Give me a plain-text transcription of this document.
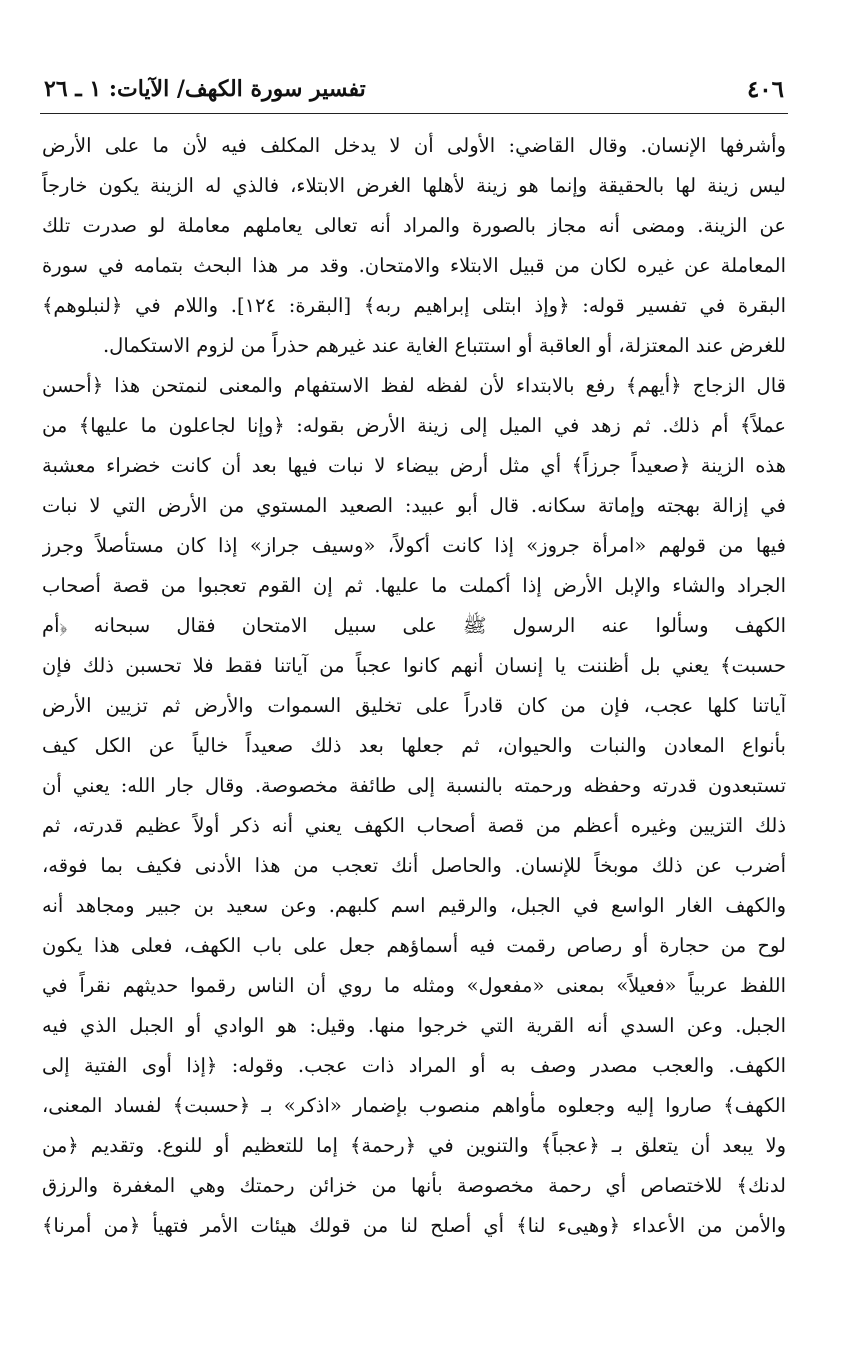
٤٠٦
تفسير سورة الكهف/ الآيات: ١ ـ ٢٦
وأشرفها الإنسان. وقال القاضي: الأولى أن لا يدخل المكلف فيه لأن ما على الأرض
ليس زينة لها بالحقيقة وإنما هو زينة لأهلها الغرض الابتلاء، فالذي له الزينة يكون خارجاً
عن الزينة. ومضى أنه مجاز بالصورة والمراد أنه تعالى يعاملهم معاملة لو صدرت تلك
المعاملة عن غيره لكان من قبيل الابتلاء والامتحان. وقد مر هذا البحث بتمامه في سورة
البقرة في تفسير قوله: ﴿وإذ ابتلى إبراهيم ربه﴾ [البقرة: ١٢٤]. واللام في ﴿لنبلوهم﴾
للغرض عند المعتزلة، أو العاقبة أو استتباع الغاية عند غيرهم حذراً من لزوم الاستكمال.
قال الزجاج ﴿أيهم﴾ رفع بالابتداء لأن لفظه لفظ الاستفهام والمعنى لنمتحن هذا ﴿أحسن
عملاً﴾ أم ذلك. ثم زهد في الميل إلى زينة الأرض بقوله: ﴿وإنا لجاعلون ما عليها﴾ من
هذه الزينة ﴿صعيداً جرزاً﴾ أي مثل أرض بيضاء لا نبات فيها بعد أن كانت خضراء معشبة
في إزالة بهجته وإماتة سكانه. قال أبو عبيد: الصعيد المستوي من الأرض التي لا نبات
فيها من قولهم «امرأة جروز» إذا كانت أكولاً، «وسيف جراز» إذا كان مستأصلاً وجرز
الجراد والشاء والإبل الأرض إذا أكملت ما عليها. ثم إن القوم تعجبوا من قصة أصحاب
الكهف وسألوا عنه الرسول ﷺ على سبيل الامتحان فقال سبحانه ﴿أم
حسبت﴾ يعني بل أظننت يا إنسان أنهم كانوا عجباً من آياتنا فقط فلا تحسبن ذلك فإن
آياتنا كلها عجب، فإن من كان قادراً على تخليق السموات والأرض ثم تزيين الأرض
بأنواع المعادن والنبات والحيوان، ثم جعلها بعد ذلك صعيداً خالياً عن الكل كيف
تستبعدون قدرته وحفظه ورحمته بالنسبة إلى طائفة مخصوصة. وقال جار الله: يعني أن
ذلك التزيين وغيره أعظم من قصة أصحاب الكهف يعني أنه ذكر أولاً عظيم قدرته، ثم
أضرب عن ذلك موبخاً للإنسان. والحاصل أنك تعجب من هذا الأدنى فكيف بما فوقه،
والكهف الغار الواسع في الجبل، والرقيم اسم كلبهم. وعن سعيد بن جبير ومجاهد أنه
لوح من حجارة أو رصاص رقمت فيه أسماؤهم جعل على باب الكهف، فعلى هذا يكون
اللفظ عربياً «فعيلاً» بمعنى «مفعول» ومثله ما روي أن الناس رقموا حديثهم نقراً في
الجبل. وعن السدي أنه القرية التي خرجوا منها. وقيل: هو الوادي أو الجبل الذي فيه
الكهف. والعجب مصدر وصف به أو المراد ذات عجب. وقوله: ﴿إذا أوى الفتية إلى
الكهف﴾ صاروا إليه وجعلوه مأواهم منصوب بإضمار «اذكر» بـ ﴿حسبت﴾ لفساد المعنى،
ولا يبعد أن يتعلق بـ ﴿عجباً﴾ والتنوين في ﴿رحمة﴾ إما للتعظيم أو للنوع. وتقديم ﴿من
لدنك﴾ للاختصاص أي رحمة مخصوصة بأنها من خزائن رحمتك وهي المغفرة والرزق
والأمن من الأعداء ﴿وهيىء لنا﴾ أي أصلح لنا من قولك هيئات الأمر فتهيأ ﴿من أمرنا﴾
